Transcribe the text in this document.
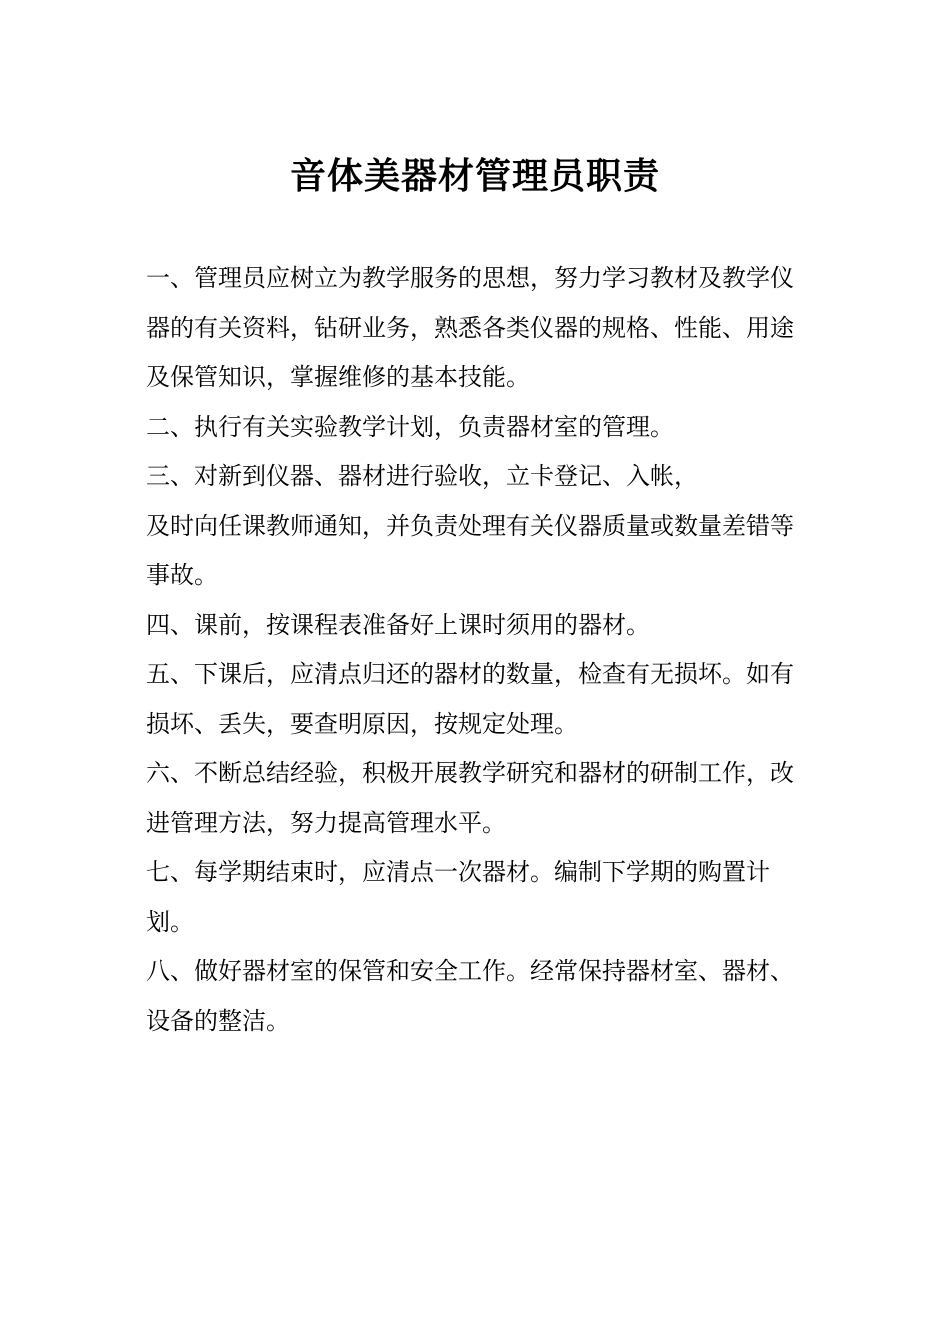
音体美器材管理员职责

一、管理员应树立为教学服务的思想，努力学习教材及教学仪器的有关资料，钻研业务，熟悉各类仪器的规格、性能、用途及保管知识，掌握维修的基本技能。

二、执行有关实验教学计划，负责器材室的管理。

三、对新到仪器、器材进行验收，立卡登记、入帐，

及时向任课教师通知，并负责处理有关仪器质量或数量差错等事故。

四、课前，按课程表准备好上课时须用的器材。

五、下课后，应清点归还的器材的数量，检查有无损坏。如有损坏、丢失，要查明原因，按规定处理。

六、不断总结经验，积极开展教学研究和器材的研制工作，改进管理方法，努力提高管理水平。

七、每学期结束时，应清点一次器材。编制下学期的购置计划。

八、做好器材室的保管和安全工作。经常保持器材室、器材、设备的整洁。
